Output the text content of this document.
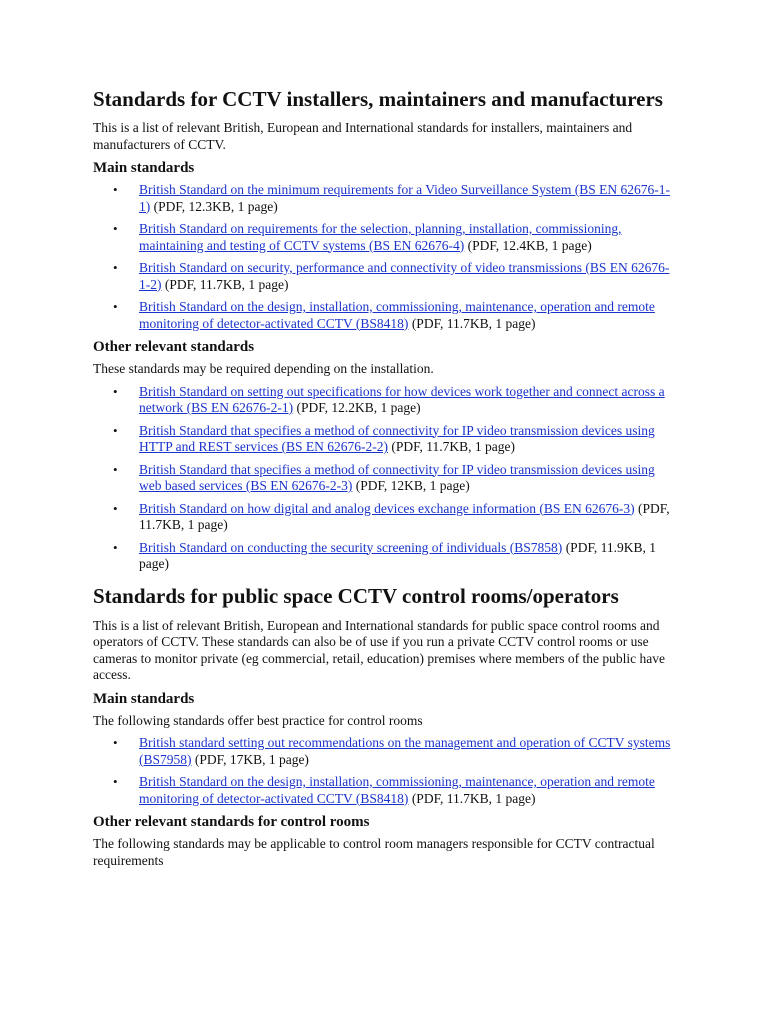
Standards for CCTV installers, maintainers and manufacturers

This is a list of relevant British, European and International standards for installers, maintainers and manufacturers of CCTV.

Main standards
• British Standard on the minimum requirements for a Video Surveillance System (BS EN 62676-1-1) (PDF, 12.3KB, 1 page)
• British Standard on requirements for the selection, planning, installation, commissioning, maintaining and testing of CCTV systems (BS EN 62676-4) (PDF, 12.4KB, 1 page)
• British Standard on security, performance and connectivity of video transmissions (BS EN 62676-1-2) (PDF, 11.7KB, 1 page)
• British Standard on the design, installation, commissioning, maintenance, operation and remote monitoring of detector-activated CCTV (BS8418) (PDF, 11.7KB, 1 page)
Other relevant standards

These standards may be required depending on the installation.

• British Standard on setting out specifications for how devices work together and connect across a network (BS EN 62676-2-1) (PDF, 12.2KB, 1 page)
• British Standard that specifies a method of connectivity for IP video transmission devices using HTTP and REST services (BS EN 62676-2-2) (PDF, 11.7KB, 1 page)
• British Standard that specifies a method of connectivity for IP video transmission devices using web based services (BS EN 62676-2-3) (PDF, 12KB, 1 page)
• British Standard on how digital and analog devices exchange information (BS EN 62676-3) (PDF, 11.7KB, 1 page)
• British Standard on conducting the security screening of individuals (BS7858) (PDF, 11.9KB, 1 page)
Standards for public space CCTV control rooms/operators

This is a list of relevant British, European and International standards for public space control rooms and operators of CCTV. These standards can also be of use if you run a private CCTV control rooms or use cameras to monitor private (eg commercial, retail, education) premises where members of the public have access.

Main standards

The following standards offer best practice for control rooms

• British standard setting out recommendations on the management and operation of CCTV systems (BS7958) (PDF, 17KB, 1 page)
• British Standard on the design, installation, commissioning, maintenance, operation and remote monitoring of detector-activated CCTV (BS8418) (PDF, 11.7KB, 1 page)
Other relevant standards for control rooms

The following standards may be applicable to control room managers responsible for CCTV contractual requirements
